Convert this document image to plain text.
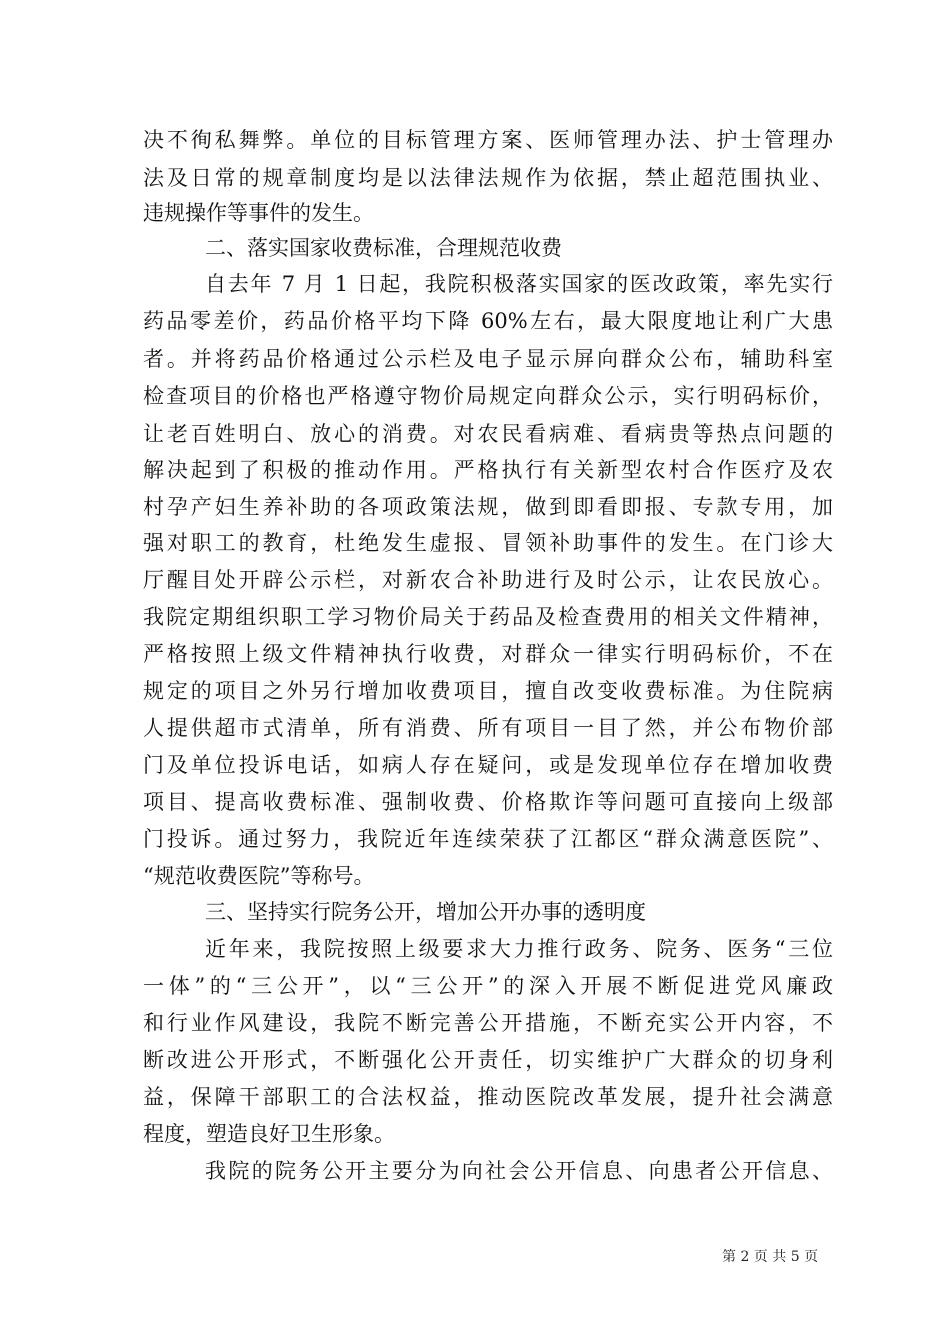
决不徇私舞弊。单位的目标管理方案、医师管理办法、护士管理办
法及日常的规章制度均是以法律法规作为依据，禁止超范围执业、
违规操作等事件的发生。
二、落实国家收费标准，合理规范收费
自去年 7 月 1 日起，我院积极落实国家的医改政策，率先实行
药品零差价，药品价格平均下降 60%左右，最大限度地让利广大患
者。并将药品价格通过公示栏及电子显示屏向群众公布，辅助科室
检查项目的价格也严格遵守物价局规定向群众公示，实行明码标价，
让老百姓明白、放心的消费。对农民看病难、看病贵等热点问题的
解决起到了积极的推动作用。严格执行有关新型农村合作医疗及农
村孕产妇生养补助的各项政策法规，做到即看即报、专款专用，加
强对职工的教育，杜绝发生虚报、冒领补助事件的发生。在门诊大
厅醒目处开辟公示栏，对新农合补助进行及时公示，让农民放心。
我院定期组织职工学习物价局关于药品及检查费用的相关文件精神，
严格按照上级文件精神执行收费，对群众一律实行明码标价，不在
规定的项目之外另行增加收费项目，擅自改变收费标准。为住院病
人提供超市式清单，所有消费、所有项目一目了然，并公布物价部
门及单位投诉电话，如病人存在疑问，或是发现单位存在增加收费
项目、提高收费标准、强制收费、价格欺诈等问题可直接向上级部
门投诉。通过努力，我院近年连续荣获了江都区“群众满意医院”、
“规范收费医院”等称号。
三、坚持实行院务公开，增加公开办事的透明度
近年来，我院按照上级要求大力推行政务、院务、医务“三位
一体”的“三公开”，以“三公开”的深入开展不断促进党风廉政
和行业作风建设，我院不断完善公开措施，不断充实公开内容，不
断改进公开形式，不断强化公开责任，切实维护广大群众的切身利
益，保障干部职工的合法权益，推动医院改革发展，提升社会满意
程度，塑造良好卫生形象。
我院的院务公开主要分为向社会公开信息、向患者公开信息、
第 2 页 共 5 页
